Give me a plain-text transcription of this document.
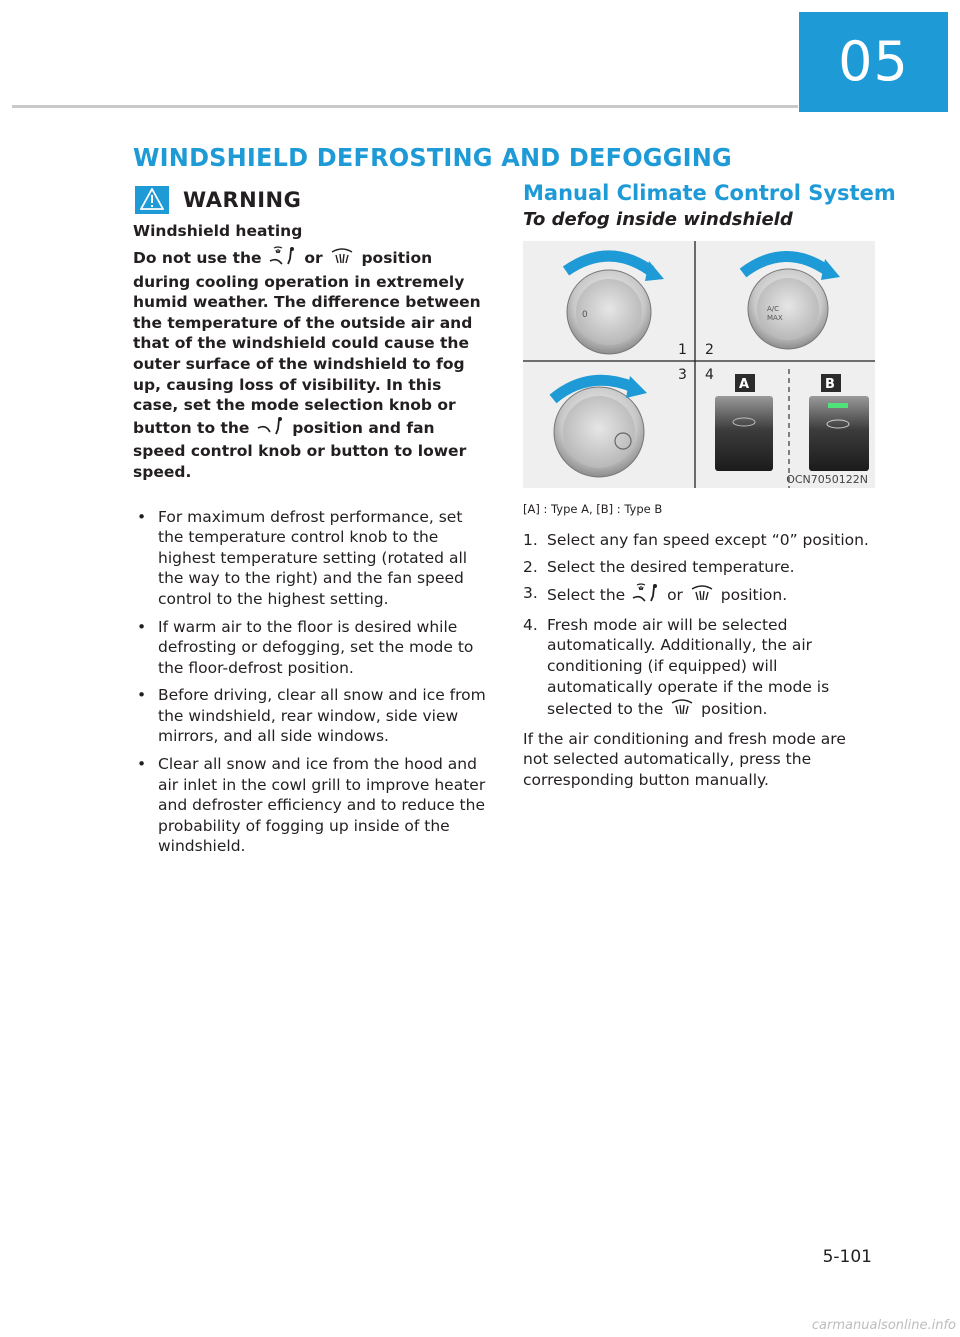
05
WINDSHIELD DEFROSTING AND DEFOGGING
WARNING
Windshield heating
Do not use the	or	position during cooling operation in extremely humid weather. The difference between the temperature of the outside air and that of the windshield could cause the outer surface of the windshield to fog up, causing loss of visibility. In this case, set the mode selection knob or button to the	position and fan speed control knob or button to lower speed.
• For maximum defrost performance, set the temperature control knob to the highest temperature setting (rotated all the way to the right) and the fan speed control to the highest setting.
• If warm air to the floor is desired while defrosting or defogging, set the mode to the floor-defrost position.
• Before driving, clear all snow and ice from the windshield, rear window, side view mirrors, and all side windows.
• Clear all snow and ice from the hood and air inlet in the cowl grill to improve heater and defroster efficiency and to reduce the probability of fogging up inside of the windshield.
Manual Climate Control System
To defog inside windshield
0
A/C
MAX
1 2
3 4
A	B
OCN7050122N
[A] : Type A, [B] : Type B
1. Select any fan speed except “0” position.
2. Select the desired temperature.
3. Select the	or position.
4. Fresh mode air will be selected automatically. Additionally, the air conditioning (if equipped) will automatically operate if the mode is selected to the position.

If the air conditioning and fresh mode are not selected automatically, press the corresponding button manually.

5-101
carmanualsonline.info
